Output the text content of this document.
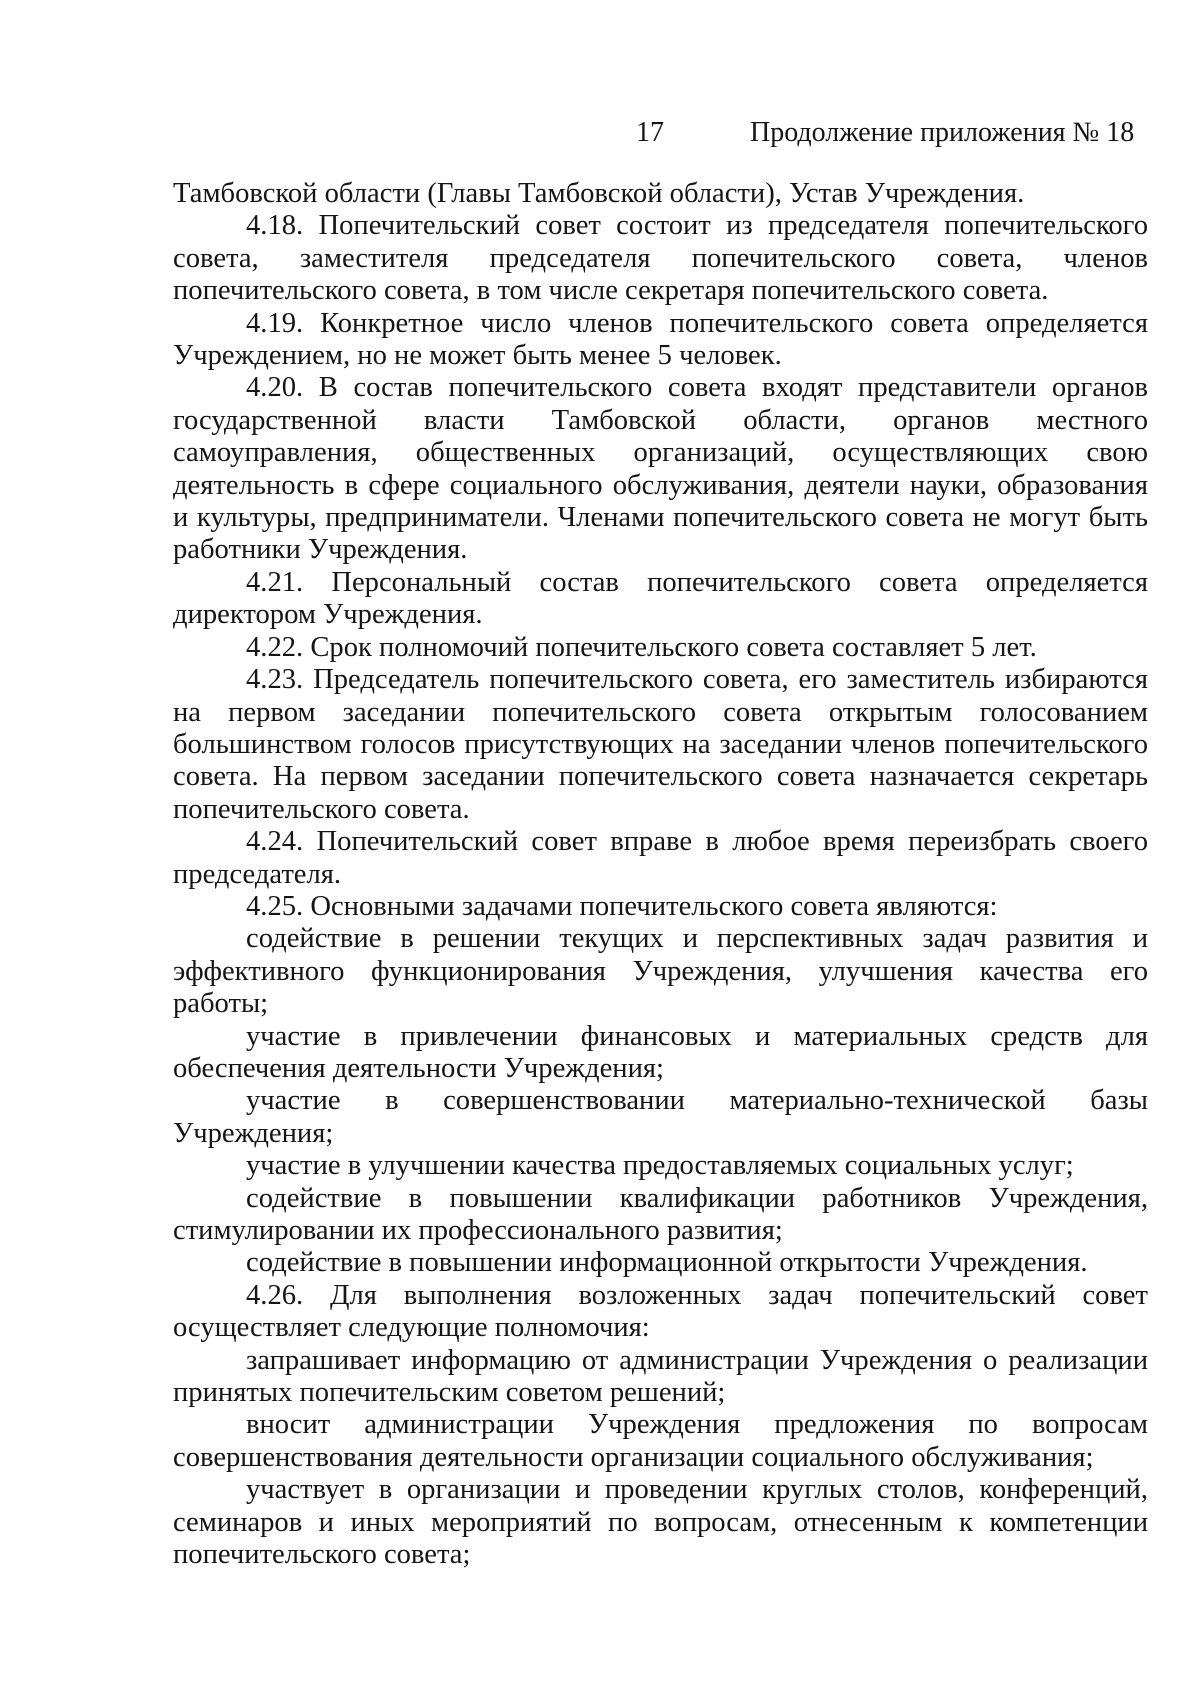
17	Продолжение приложения № 18

Тамбовской области (Главы Тамбовской области), Устав Учреждения.

4.18. Попечительский совет состоит из председателя попечительского совета, заместителя председателя попечительского совета, членов попечительского совета, в том числе секретаря попечительского совета.

4.19. Конкретное число членов попечительского совета определяется Учреждением, но не может быть менее 5 человек.

4.20. В состав попечительского совета входят представители органов государственной власти Тамбовской области, органов местного самоуправления, общественных организаций, осуществляющих свою деятельность в сфере социального обслуживания, деятели науки, образования и культуры, предприниматели. Членами попечительского совета не могут быть работники Учреждения.

4.21. Персональный состав попечительского совета определяется директором Учреждения.

4.22. Срок полномочий попечительского совета составляет 5 лет.

4.23. Председатель попечительского совета, его заместитель избираются на первом заседании попечительского совета открытым голосованием большинством голосов присутствующих на заседании членов попечительского совета. На первом заседании попечительского совета назначается секретарь попечительского совета.

4.24. Попечительский совет вправе в любое время переизбрать своего председателя.

4.25. Основными задачами попечительского совета являются:

содействие в решении текущих и перспективных задач развития и эффективного функционирования Учреждения, улучшения качества его работы;

участие в привлечении финансовых и материальных средств для обеспечения деятельности Учреждения;

участие в совершенствовании материально-технической базы Учреждения;

участие в улучшении качества предоставляемых социальных услуг;

содействие в повышении квалификации работников Учреждения, стимулировании их профессионального развития;

содействие в повышении информационной открытости Учреждения.

4.26. Для выполнения возложенных задач попечительский совет осуществляет следующие полномочия:

запрашивает информацию от администрации Учреждения о реализации принятых попечительским советом решений;

вносит администрации Учреждения предложения по вопросам совершенствования деятельности организации социального обслуживания;

участвует в организации и проведении круглых столов, конференций, семинаров и иных мероприятий по вопросам, отнесенным к компетенции попечительского совета;
